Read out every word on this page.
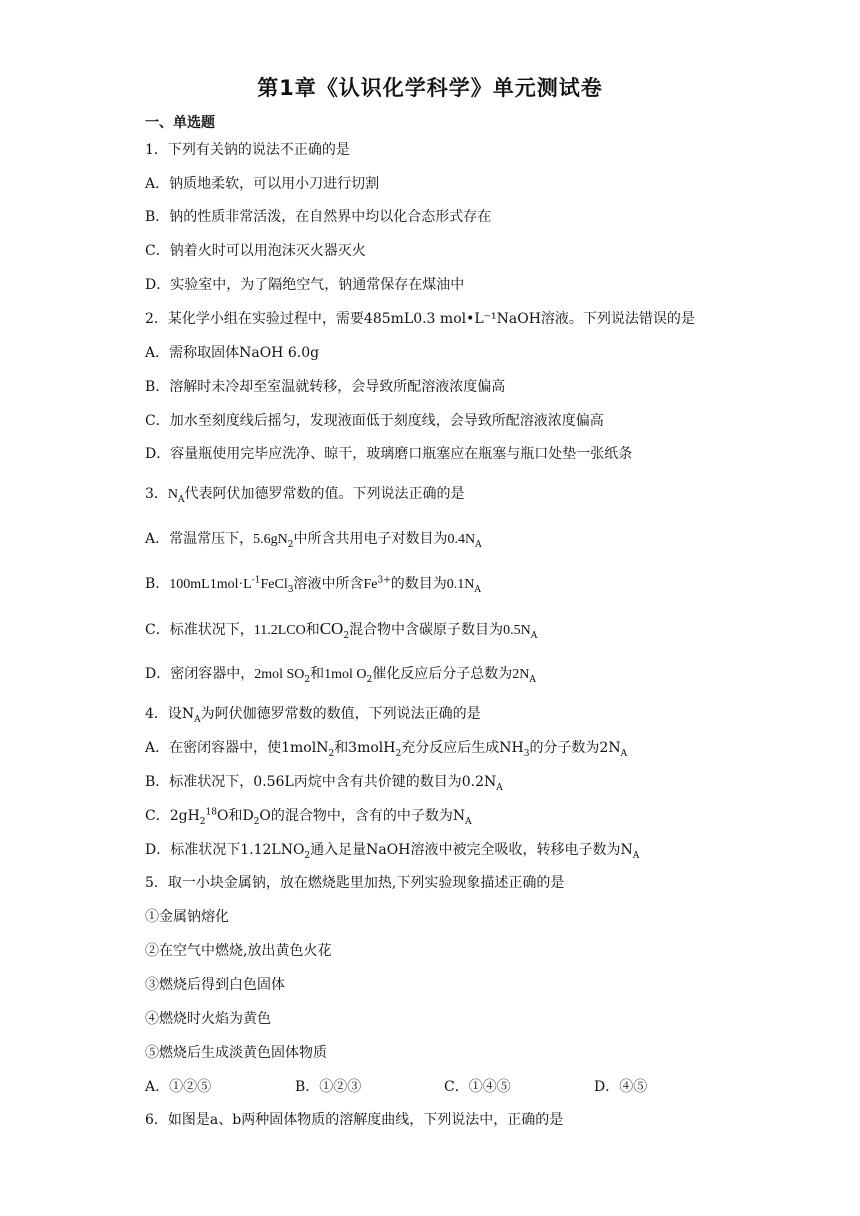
第1章《认识化学科学》单元测试卷
一、单选题
1．下列有关钠的说法不正确的是
A．钠质地柔软，可以用小刀进行切割
B．钠的性质非常活泼，在自然界中均以化合态形式存在
C．钠着火时可以用泡沫灭火器灭火
D．实验室中，为了隔绝空气，钠通常保存在煤油中
2．某化学小组在实验过程中，需要485mL0.3 mol•L⁻¹NaOH溶液。下列说法错误的是
A．需称取固体NaOH 6.0g
B．溶解时未冷却至室温就转移，会导致所配溶液浓度偏高
C．加水至刻度线后摇匀，发现液面低于刻度线，会导致所配溶液浓度偏高
D．容量瓶使用完毕应洗净、晾干，玻璃磨口瓶塞应在瓶塞与瓶口处垫一张纸条
3．$N_A$代表阿伏加德罗常数的值。下列说法正确的是
A．常温常压下，$5.6gN_2$中所含共用电子对数目为$0.4N_A$
B．$100mL1mol\cdot L^{-1}FeCl_3$溶液中所含$Fe^{3+}$的数目为$0.1N_A$
C．标准状况下，11.2LCO和$CO_2$混合物中含碳原子数目为$0.5N_A$
D．密闭容器中，2mol $SO_2$和1mol $O_2$催化反应后分子总数为$2N_A$
4．设$N_A$为阿伏伽德罗常数的数值，下列说法正确的是
A．在密闭容器中，使1molN$_2$和3molH$_2$充分反应后生成$NH_3$的分子数为$2N_A$
B．标准状况下，0.56L丙烷中含有共价键的数目为$0.2N_A$
C．$2gH_2^{18}O$和$D_2O$的混合物中，含有的中子数为$N_A$
D．标准状况下$1.12LNO_2$通入足量NaOH溶液中被完全吸收，转移电子数为$N_A$
5．取一小块金属钠，放在燃烧匙里加热,下列实验现象描述正确的是
①金属钠熔化
②在空气中燃烧,放出黄色火花
③燃烧后得到白色固体
④燃烧时火焰为黄色
⑤燃烧后生成淡黄色固体物质
A．①②⑤	B．①②③	C．①④⑤	D．④⑤
6．如图是a、b两种固体物质的溶解度曲线，下列说法中，正确的是
